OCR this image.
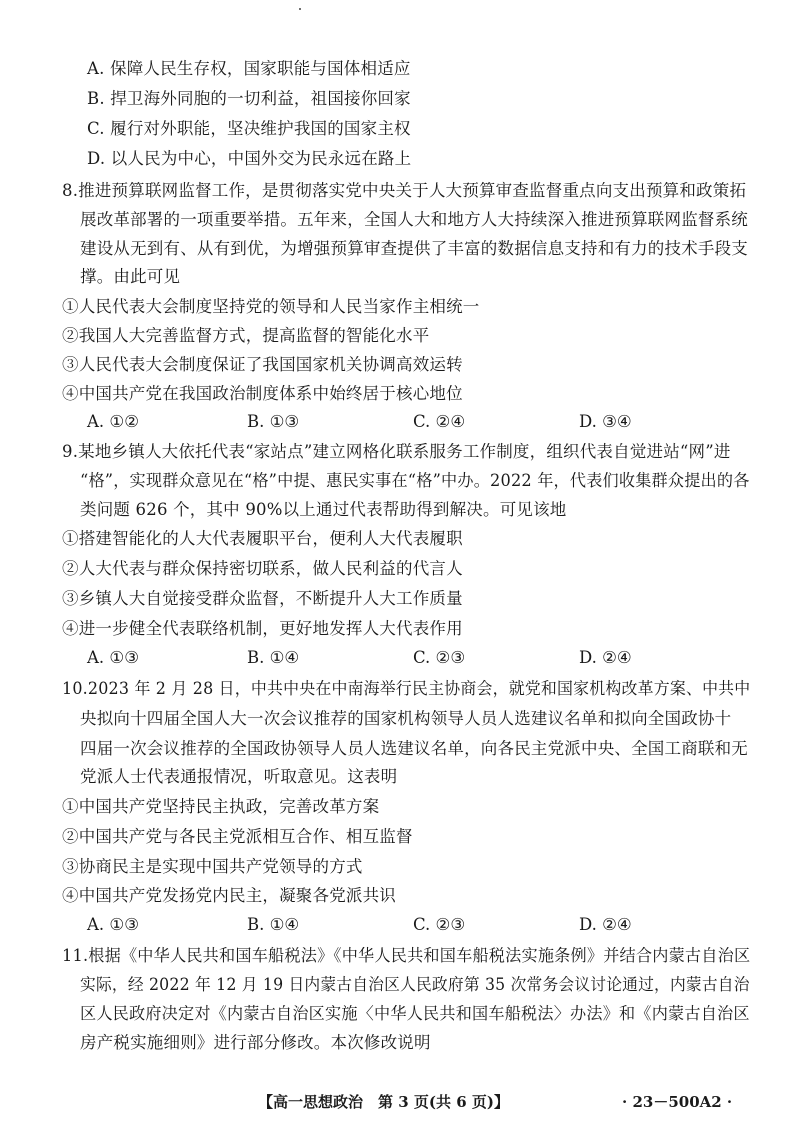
A. 保障人民生存权，国家职能与国体相适应
B. 捍卫海外同胞的一切利益，祖国接你回家
C. 履行对外职能，坚决维护我国的国家主权
D. 以人民为中心，中国外交为民永远在路上
8.推进预算联网监督工作，是贯彻落实党中央关于人大预算审查监督重点向支出预算和政策拓
展改革部署的一项重要举措。五年来，全国人大和地方人大持续深入推进预算联网监督系统
建设从无到有、从有到优，为增强预算审查提供了丰富的数据信息支持和有力的技术手段支
撑。由此可见
①人民代表大会制度坚持党的领导和人民当家作主相统一
②我国人大完善监督方式，提高监督的智能化水平
③人民代表大会制度保证了我国国家机关协调高效运转
④中国共产党在我国政治制度体系中始终居于核心地位
A. ①②	B. ①③	C. ②④	D. ③④
9.某地乡镇人大依托代表“家站点”建立网格化联系服务工作制度，组织代表自觉进站“网”进
“格”，实现群众意见在“格”中提、惠民实事在“格”中办。2022 年，代表们收集群众提出的各
类问题 626 个，其中 90%以上通过代表帮助得到解决。可见该地
①搭建智能化的人大代表履职平台，便利人大代表履职
②人大代表与群众保持密切联系，做人民利益的代言人
③乡镇人大自觉接受群众监督，不断提升人大工作质量
④进一步健全代表联络机制，更好地发挥人大代表作用
A. ①③	B. ①④	C. ②③	D. ②④
10.2023 年 2 月 28 日，中共中央在中南海举行民主协商会，就党和国家机构改革方案、中共中
央拟向十四届全国人大一次会议推荐的国家机构领导人员人选建议名单和拟向全国政协十
四届一次会议推荐的全国政协领导人员人选建议名单，向各民主党派中央、全国工商联和无
党派人士代表通报情况，听取意见。这表明
①中国共产党坚持民主执政，完善改革方案
②中国共产党与各民主党派相互合作、相互监督
③协商民主是实现中国共产党领导的方式
④中国共产党发扬党内民主，凝聚各党派共识
A. ①③	B. ①④	C. ②③	D. ②④
11.根据《中华人民共和国车船税法》《中华人民共和国车船税法实施条例》并结合内蒙古自治区
实际，经 2022 年 12 月 19 日内蒙古自治区人民政府第 35 次常务会议讨论通过，内蒙古自治
区人民政府决定对《内蒙古自治区实施〈中华人民共和国车船税法〉办法》和《内蒙古自治区
房产税实施细则》进行部分修改。本次修改说明
【高一思想政治　第 3 页(共 6 页)】	· 23－500A2 ·
